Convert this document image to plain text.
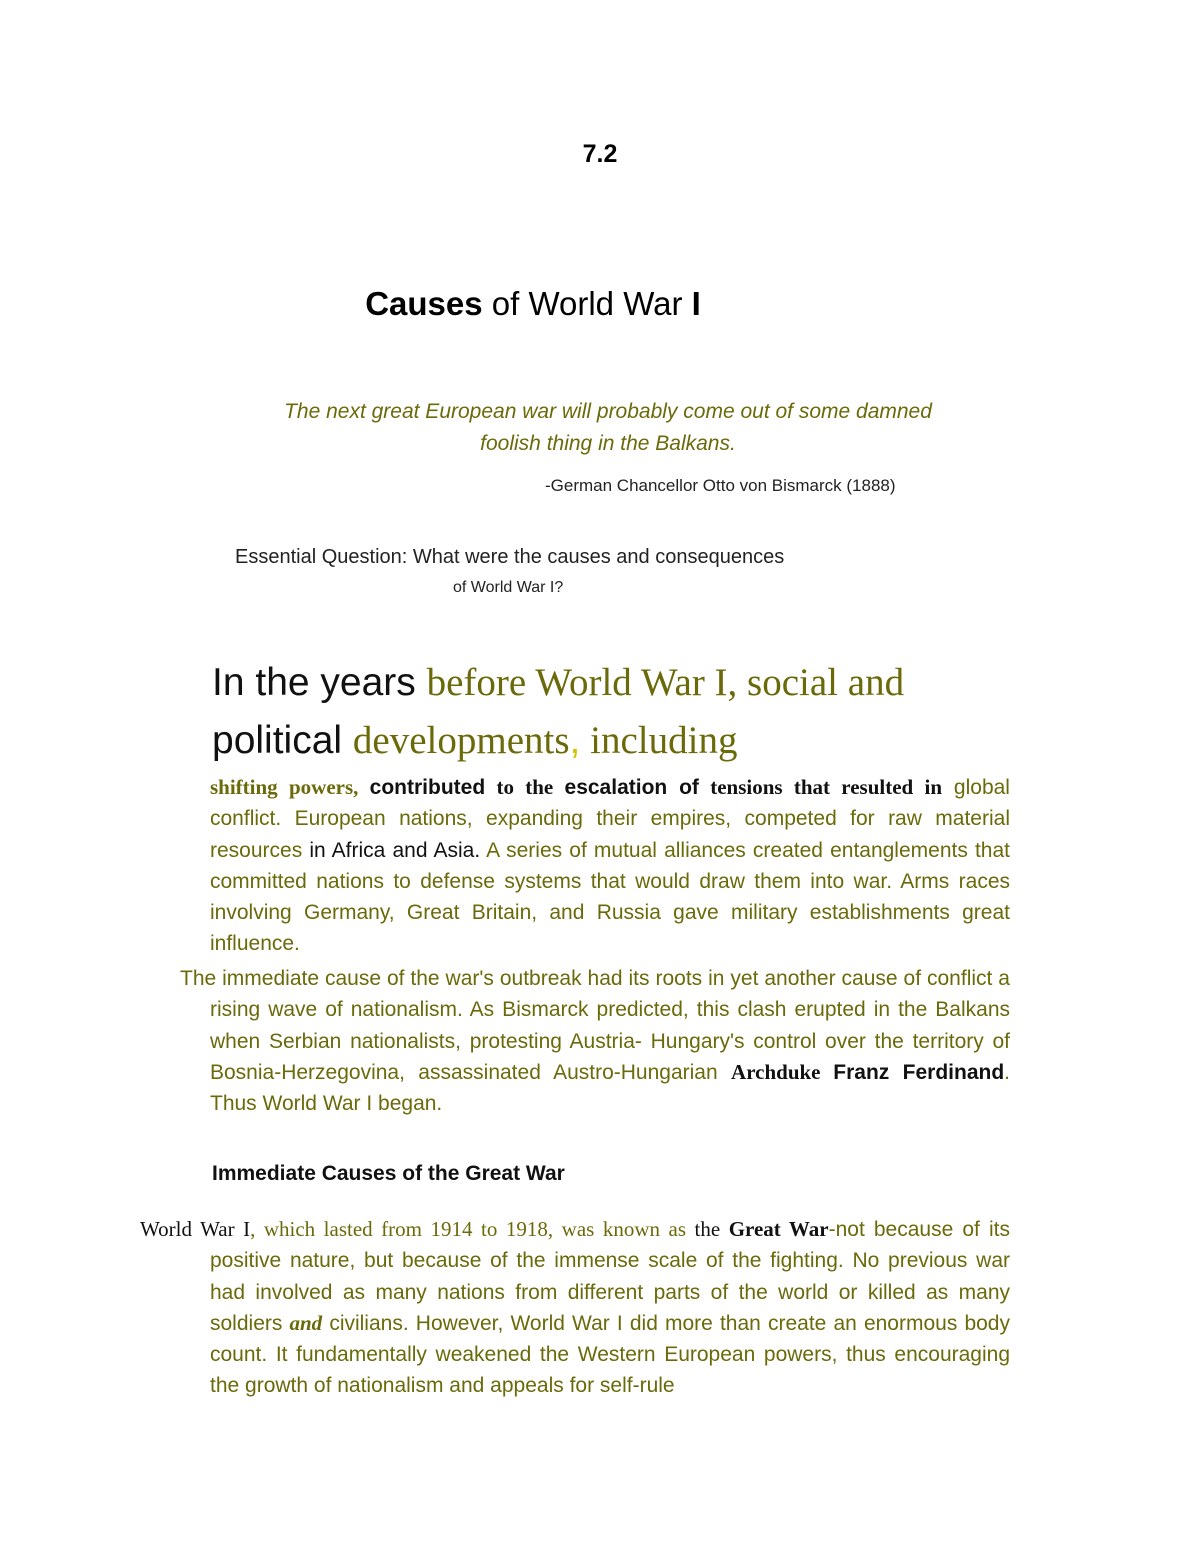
7.2
Causes of World War I
The next great European war will probably come out of some damned
foolish thing in the Balkans.
-German Chancellor Otto von Bismarck (1888)
Essential Question: What were the causes and consequences
of World War I?
In the years before World War I, social and
political developments, including

shifting powers, contributed to the escalation of tensions that resulted in global conflict. European nations, expanding their empires, competed for raw material resources in Africa and Asia. A series of mutual alliances created entanglements that committed nations to defense systems that would draw them into war. Arms races involving Germany, Great Britain, and Russia gave military establishments great influence.

The immediate cause of the war's outbreak had its roots in yet another cause of conflict a rising wave of nationalism. As Bismarck predicted, this clash erupted in the Balkans when Serbian nationalists, protesting Austria- Hungary's control over the territory of Bosnia-Herzegovina, assassinated Austro-Hungarian Archduke Franz Ferdinand. Thus World War I began.

Immediate Causes of the Great War

World War I, which lasted from 1914 to 1918, was known as the Great War-not because of its positive nature, but because of the immense scale of the fighting. No previous war had involved as many nations from different parts of the world or killed as many soldiers and civilians. However, World War I did more than create an enormous body count. It fundamentally weakened the Western European powers, thus encouraging the growth of nationalism and appeals for self-rule
